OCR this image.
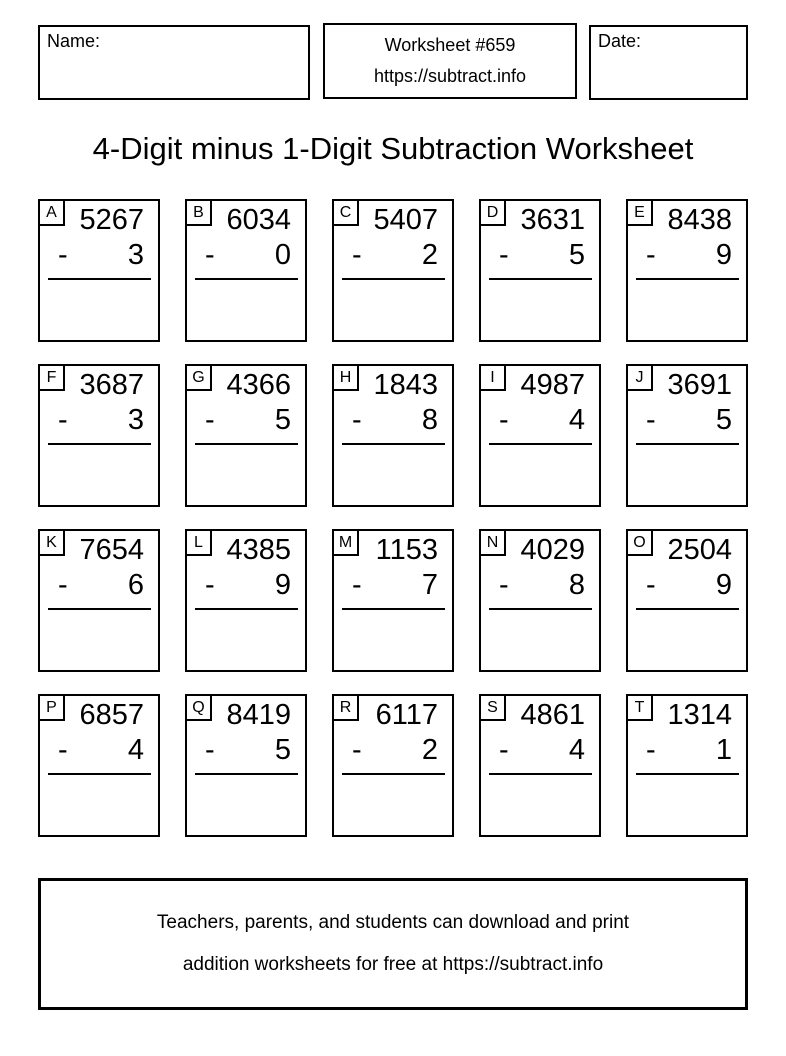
Name:	Worksheet #659
https://subtract.info
Date:
4-Digit minus 1-Digit Subtraction Worksheet
A 5267
- 3
B 6034
- 0
C 5407
- 2
D 3631
- 5
E 8438
- 9
F 3687
- 3
G 4366
- 5
H 1843
- 8
I 4987
- 4
J 3691
- 5
K 7654
- 6
L 4385
- 9
M 1153
- 7
N 4029
- 8
O 2504
- 9
P 6857
- 4
Q 8419
- 5
R 6117
- 2
S 4861
- 4
T 1314
- 1
Teachers, parents, and students can download and print
addition worksheets for free at https://subtract.info
